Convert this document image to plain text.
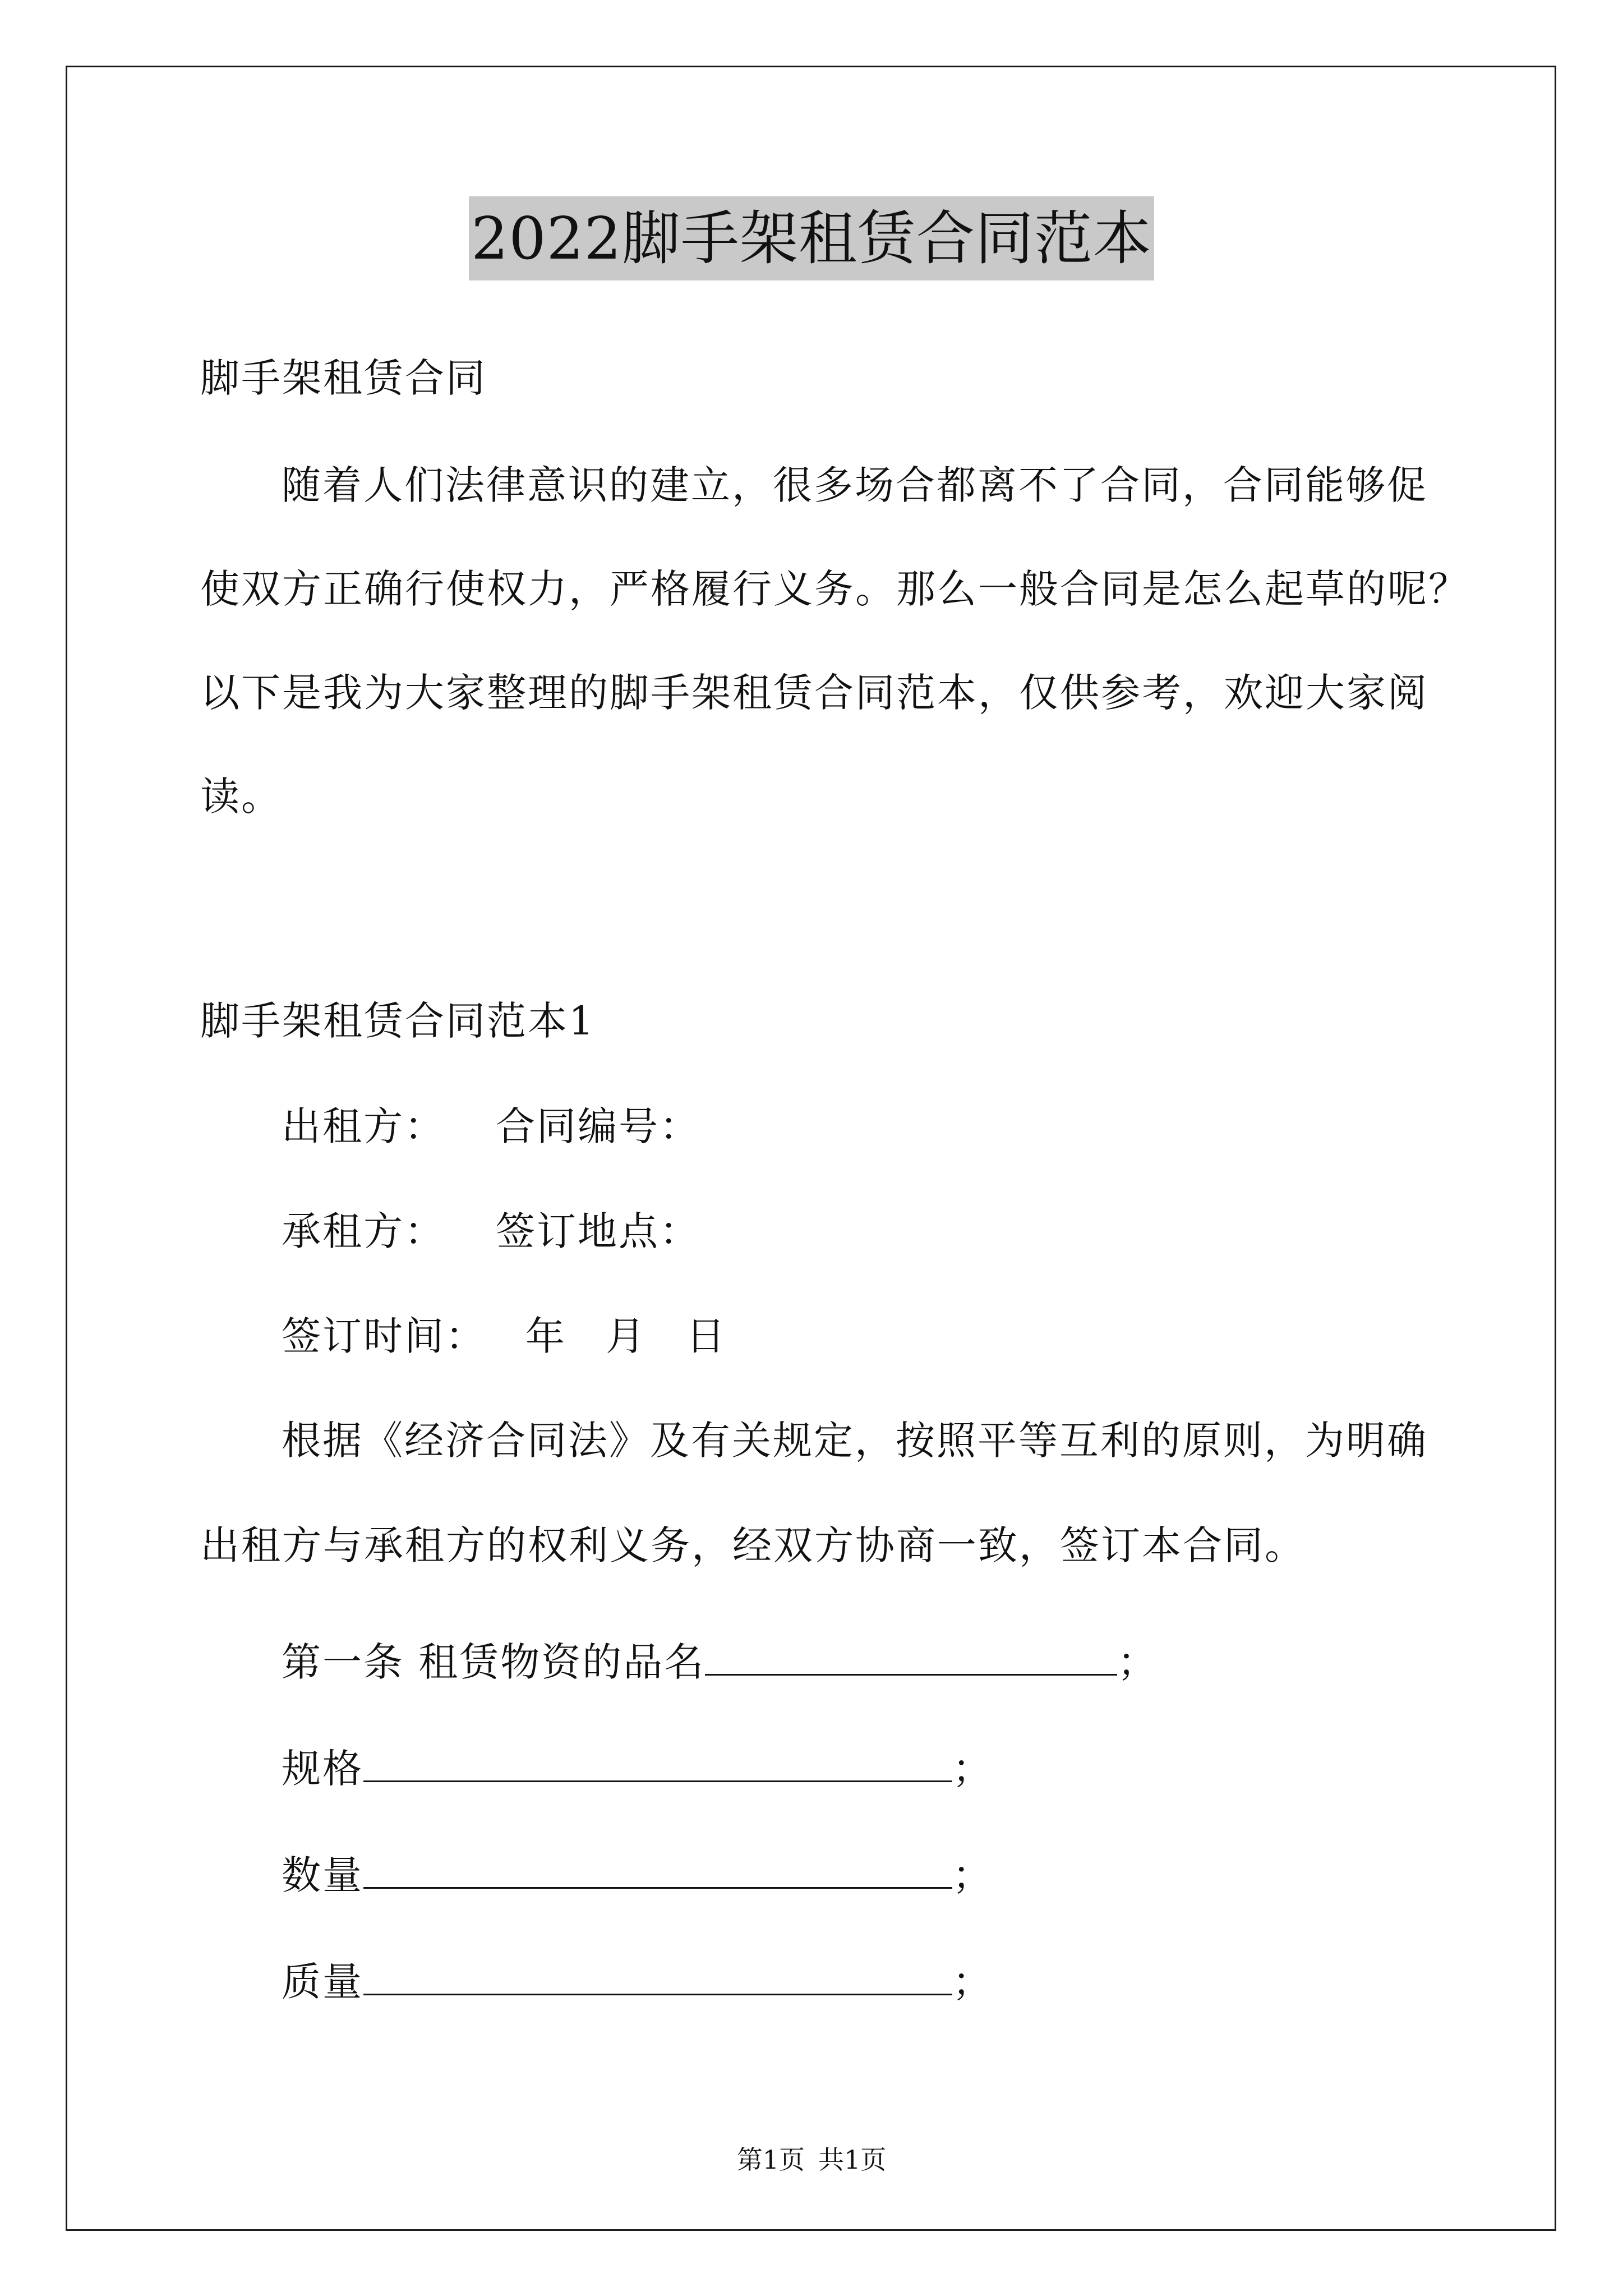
2022脚手架租赁合同范本
脚手架租赁合同
随着人们法律意识的建立，很多场合都离不了合同，合同能够促
使双方正确行使权力，严格履行义务。那么一般合同是怎么起草的呢？
以下是我为大家整理的脚手架租赁合同范本，仅供参考，欢迎大家阅
读。
脚手架租赁合同范本1
出租方： 合同编号：
承租方： 签订地点：
签订时间： 年 月 日
根据《经济合同法》及有关规定，按照平等互利的原则，为明确
出租方与承租方的权利义务，经双方协商一致，签订本合同。
第一条 租赁物资的品名	；
规格	；
数量	；
质量	；
第1页 共1页
